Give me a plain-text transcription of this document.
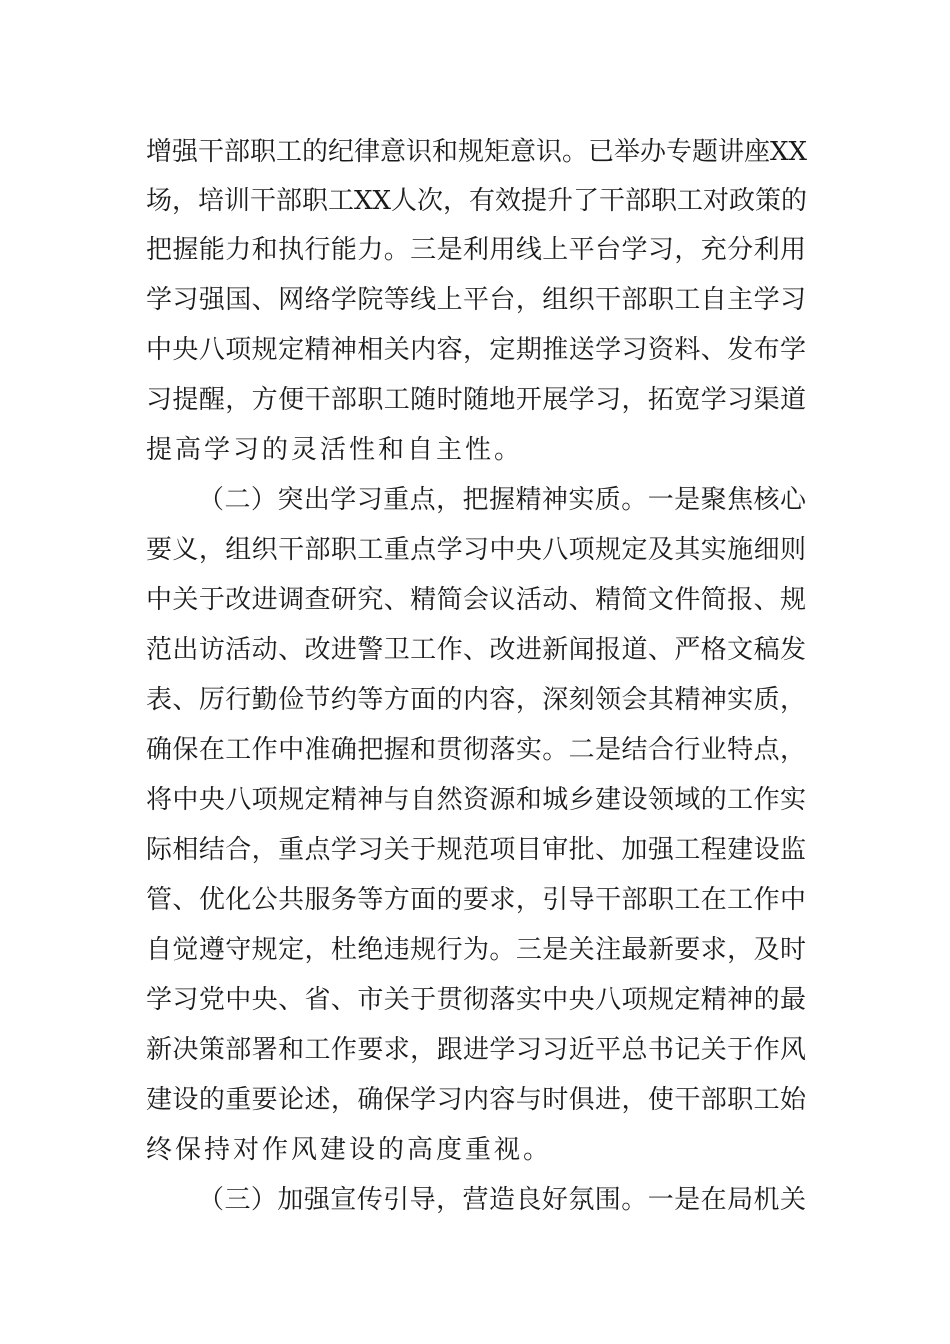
增强干部职工的纪律意识和规矩意识。已举办专题讲座XX
场，培训干部职工XX人次，有效提升了干部职工对政策的
把握能力和执行能力。三是利用线上平台学习，充分利用
学习强国、网络学院等线上平台，组织干部职工自主学习
中央八项规定精神相关内容，定期推送学习资料、发布学
习提醒，方便干部职工随时随地开展学习，拓宽学习渠道
提高学习的灵活性和自主性。
（二）突出学习重点，把握精神实质。一是聚焦核心
要义，组织干部职工重点学习中央八项规定及其实施细则
中关于改进调查研究、精简会议活动、精简文件简报、规
范出访活动、改进警卫工作、改进新闻报道、严格文稿发
表、厉行勤俭节约等方面的内容，深刻领会其精神实质，
确保在工作中准确把握和贯彻落实。二是结合行业特点，
将中央八项规定精神与自然资源和城乡建设领域的工作实
际相结合，重点学习关于规范项目审批、加强工程建设监
管、优化公共服务等方面的要求，引导干部职工在工作中
自觉遵守规定，杜绝违规行为。三是关注最新要求，及时
学习党中央、省、市关于贯彻落实中央八项规定精神的最
新决策部署和工作要求，跟进学习习近平总书记关于作风
建设的重要论述，确保学习内容与时俱进，使干部职工始
终保持对作风建设的高度重视。
（三）加强宣传引导，营造良好氛围。一是在局机关
